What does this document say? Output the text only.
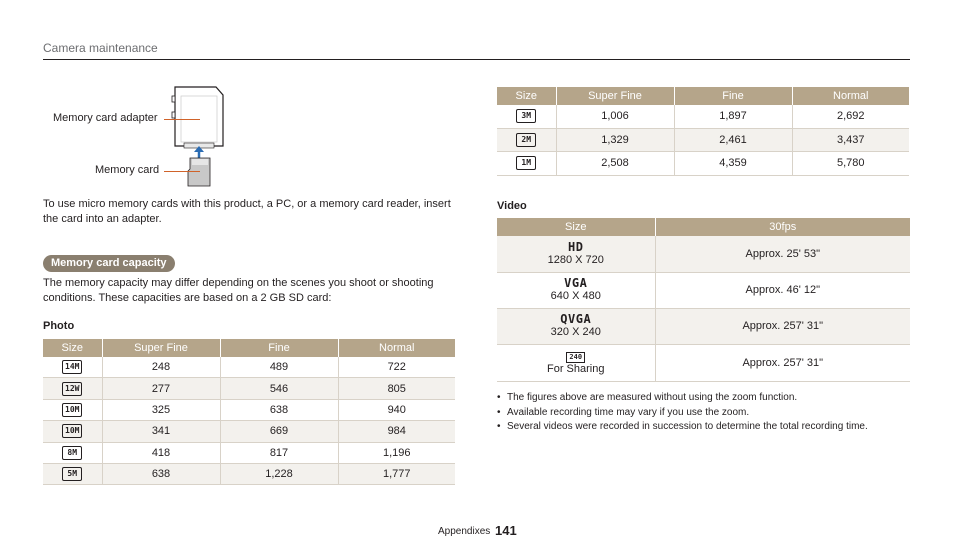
Camera maintenance
Memory card adapter
Memory card
To use micro memory cards with this product, a PC, or a memory card reader, insert the card into an adapter.
Memory card capacity
The memory capacity may differ depending on the scenes you shoot or shooting conditions. These capacities are based on a 2 GB SD card:
Photo
Size	Super Fine	Fine	Normal
14M	248	489	722
12W	277	546	805
10M	325	638	940
10M	341	669	984
8M	418	817	1,196
5M	638	1,228	1,777
Size	Super Fine	Fine	Normal
3M	1,006	1,897	2,692
2M	1,329	2,461	3,437
1M	2,508	4,359	5,780
Video
Size	30fps

HD
1280 X 720	Approx. 25' 53"

VGA
640 X 480	Approx. 46' 12"

QVGA
320 X 240	Approx. 257' 31"
240
For Sharing	Approx. 257' 31"
• The figures above are measured without using the zoom function.
• Available recording time may vary if you use the zoom.
• Several videos were recorded in succession to determine the total recording time.
Appendixes 141
